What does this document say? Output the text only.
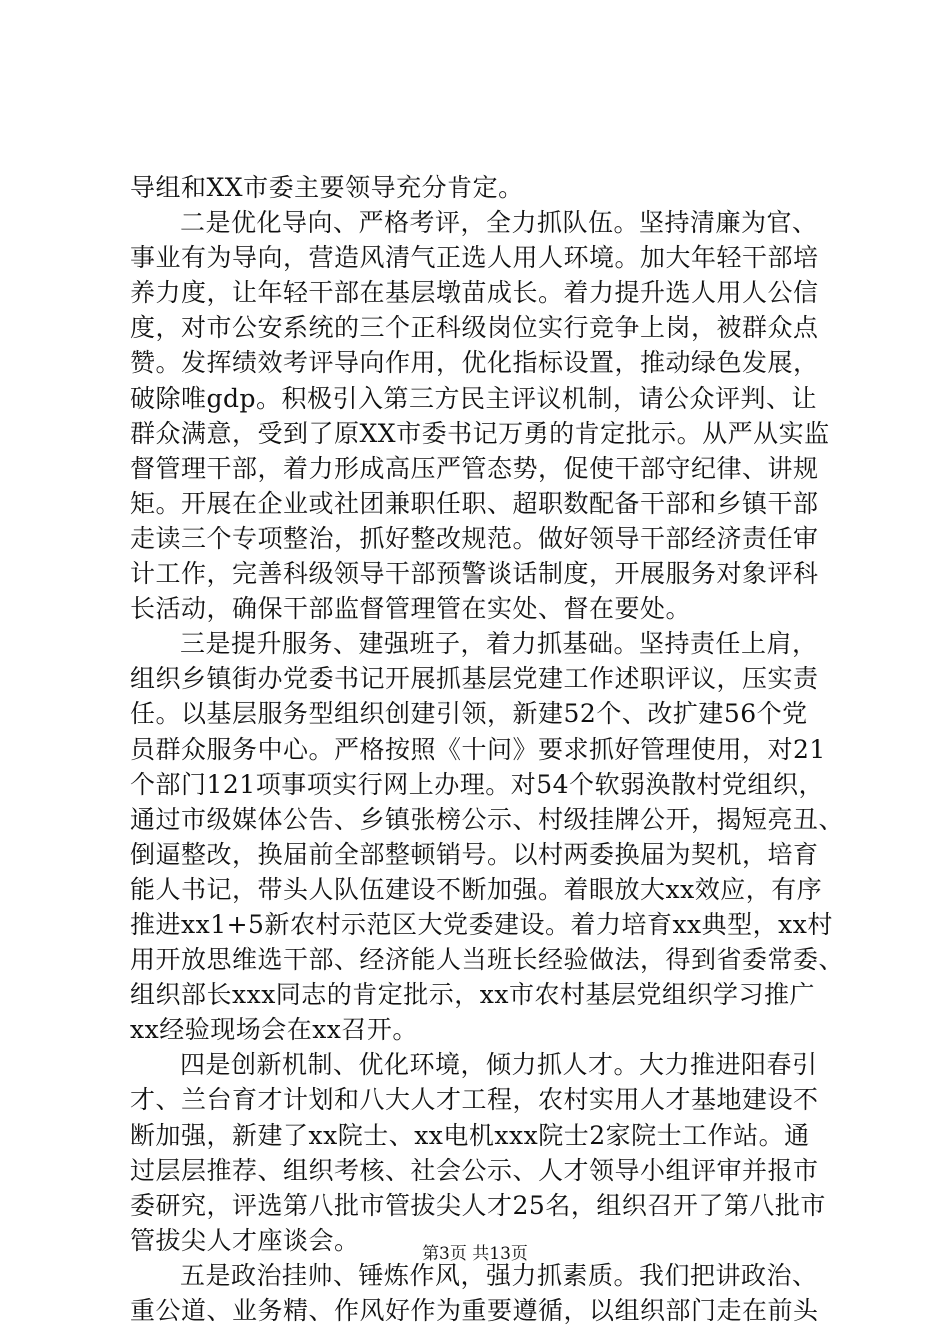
导组和XX市委主要领导充分肯定。
二是优化导向、严格考评，全力抓队伍。坚持清廉为官、
事业有为导向，营造风清气正选人用人环境。加大年轻干部培
养力度，让年轻干部在基层墩苗成长。着力提升选人用人公信
度，对市公安系统的三个正科级岗位实行竞争上岗，被群众点
赞。发挥绩效考评导向作用，优化指标设置，推动绿色发展，
破除唯gdp。积极引入第三方民主评议机制，请公众评判、让
群众满意，受到了原XX市委书记万勇的肯定批示。从严从实监
督管理干部，着力形成高压严管态势，促使干部守纪律、讲规
矩。开展在企业或社团兼职任职、超职数配备干部和乡镇干部
走读三个专项整治，抓好整改规范。做好领导干部经济责任审
计工作，完善科级领导干部预警谈话制度，开展服务对象评科
长活动，确保干部监督管理管在实处、督在要处。
三是提升服务、建强班子，着力抓基础。坚持责任上肩，
组织乡镇街办党委书记开展抓基层党建工作述职评议，压实责
任。以基层服务型组织创建引领，新建52个、改扩建56个党
员群众服务中心。严格按照《十问》要求抓好管理使用，对21
个部门121项事项实行网上办理。对54个软弱涣散村党组织，
通过市级媒体公告、乡镇张榜公示、村级挂牌公开，揭短亮丑、
倒逼整改，换届前全部整顿销号。以村两委换届为契机，培育
能人书记，带头人队伍建设不断加强。着眼放大xx效应，有序
推进xx1+5新农村示范区大党委建设。着力培育xx典型，xx村
用开放思维选干部、经济能人当班长经验做法，得到省委常委、
组织部长xxx同志的肯定批示，xx市农村基层党组织学习推广
xx经验现场会在xx召开。
四是创新机制、优化环境，倾力抓人才。大力推进阳春引
才、兰台育才计划和八大人才工程，农村实用人才基地建设不
断加强，新建了xx院士、xx电机xxx院士2家院士工作站。通
过层层推荐、组织考核、社会公示、人才领导小组评审并报市
委研究，评选第八批市管拔尖人才25名，组织召开了第八批市
管拔尖人才座谈会。
五是政治挂帅、锤炼作风，强力抓素质。我们把讲政治、
重公道、业务精、作风好作为重要遵循，以组织部门走在前头
第3页 共13页
